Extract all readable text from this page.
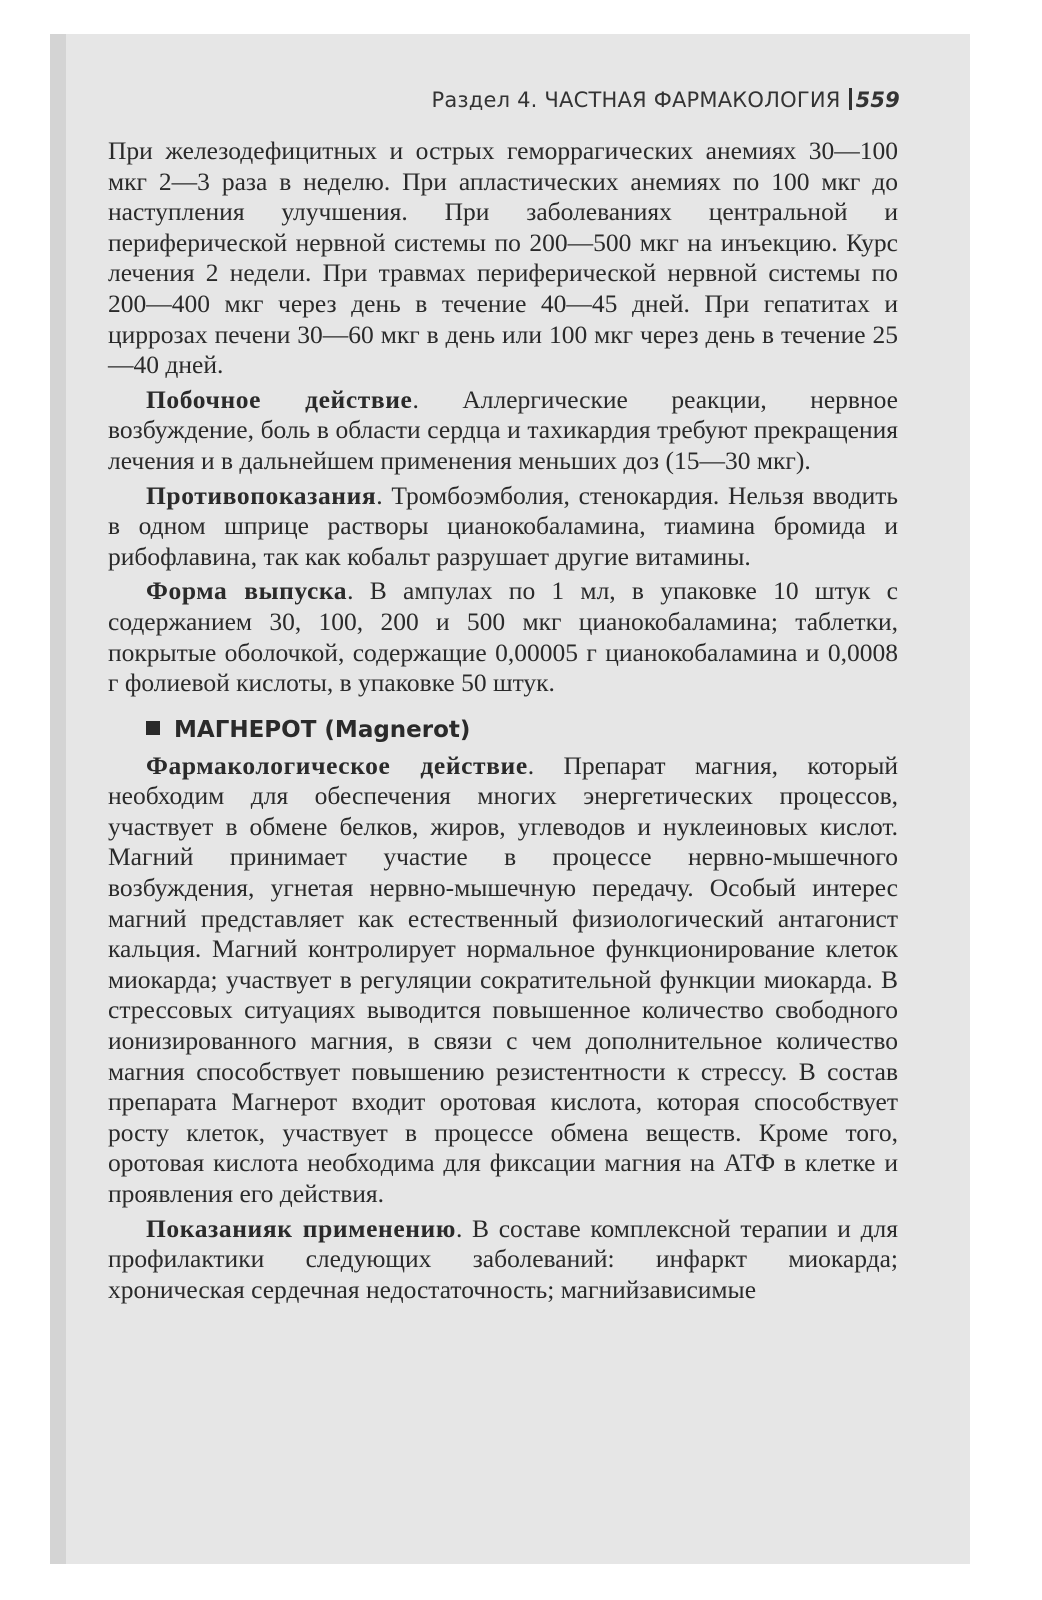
Раздел 4. ЧАСТНАЯ ФАРМАКОЛОГИЯ 559

При железодефицитных и острых геморрагических анемиях 30—100 мкг 2—3 раза в неделю. При апластических анемиях по 100 мкг до наступления улучшения. При заболеваниях центральной и периферической нервной системы по 200—500 мкг на инъекцию. Курс лечения 2 недели. При травмах периферической нервной системы по 200—400 мкг через день в течение 40—45 дней. При гепатитах и циррозах печени 30—60 мкг в день или 100 мкг через день в течение 25—40 дней.

Побочное действие. Аллергические реакции, нервное возбуждение, боль в области сердца и тахикардия требуют прекращения лечения и в дальнейшем применения меньших доз (15—30 мкг).

Противопоказания. Тромбоэмболия, стенокардия. Нельзя вводить в одном шприце растворы цианокобаламина, тиамина бромида и рибофлавина, так как кобальт разрушает другие витамины.

Форма выпуска. В ампулах по 1 мл, в упаковке 10 штук с содержанием 30, 100, 200 и 500 мкг цианокобаламина; таблетки, покрытые оболочкой, содержащие 0,00005 г цианокобаламина и 0,0008 г фолиевой кислоты, в упаковке 50 штук.

МАГНЕРОТ (Magnerot)

Фармакологическое действие. Препарат магния, который необходим для обеспечения многих энергетических процессов, участвует в обмене белков, жиров, углеводов и нуклеиновых кислот. Магний принимает участие в процессе нервно-мышечного возбуждения, угнетая нервно-мышечную передачу. Особый интерес магний представляет как естественный физиологический антагонист кальция. Магний контролирует нормальное функционирование клеток миокарда; участвует в регуляции сократительной функции миокарда. В стрессовых ситуациях выводится повышенное количество свободного ионизированного магния, в связи с чем дополнительное количество магния способствует повышению резистентности к стрессу. В состав препарата Магнерот входит оротовая кислота, которая способствует росту клеток, участвует в процессе обмена веществ. Кроме того, оротовая кислота необходима для фиксации магния на АТФ в клетке и проявления его действия.

Показанияк применению. В составе комплексной терапии и для профилактики следующих заболеваний: инфаркт миокарда; хроническая сердечная недостаточность; магнийзависимые
